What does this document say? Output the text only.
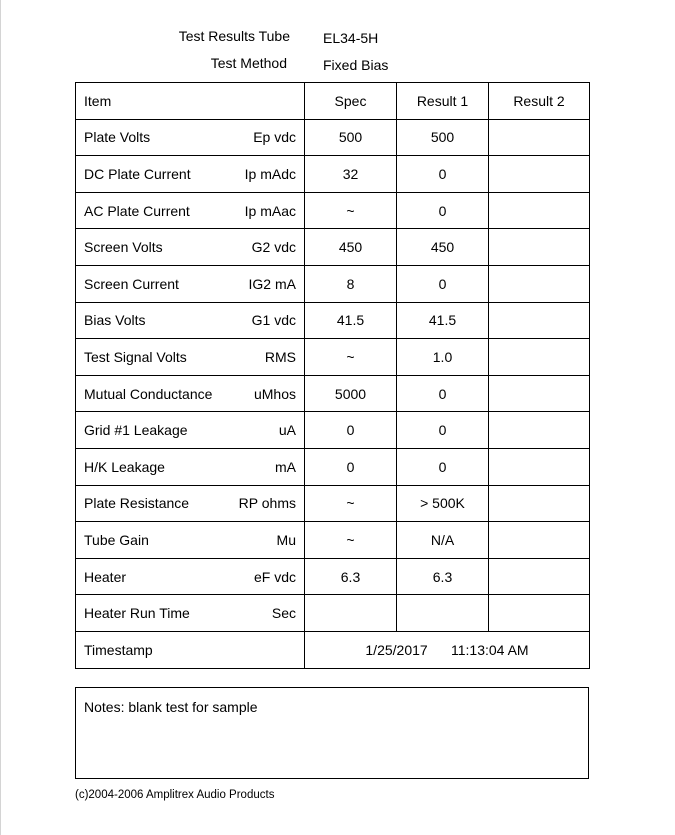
Test Results Tube EL34-5H
Test Method	Fixed Bias
Item	Spec	Result 1	Result 2

Plate Volts Ep vdc	500	500	

DC Plate Current Ip mAdc	32	0	

AC Plate Current Ip mAac	~	0	

Screen Volts G2 vdc	450	450	

Screen Current IG2 mA	8	0	

Bias Volts G1 vdc	41.5	41.5	

Test Signal Volts RMS	~	1.0	

Mutual Conductance uMhos	5000	0	

Grid #1 Leakage uA	0	0	

H/K Leakage mA	0	0	

Plate Resistance RP ohms	~	> 500K	

Tube Gain Mu	~	N/A	

Heater eF vdc	6.3	6.3	

Heater Run Time Sec			

Timestamp	1/25/2017      11:13:04 AM		
Notes: blank test for sample
(c)2004-2006 Amplitrex Audio Products
